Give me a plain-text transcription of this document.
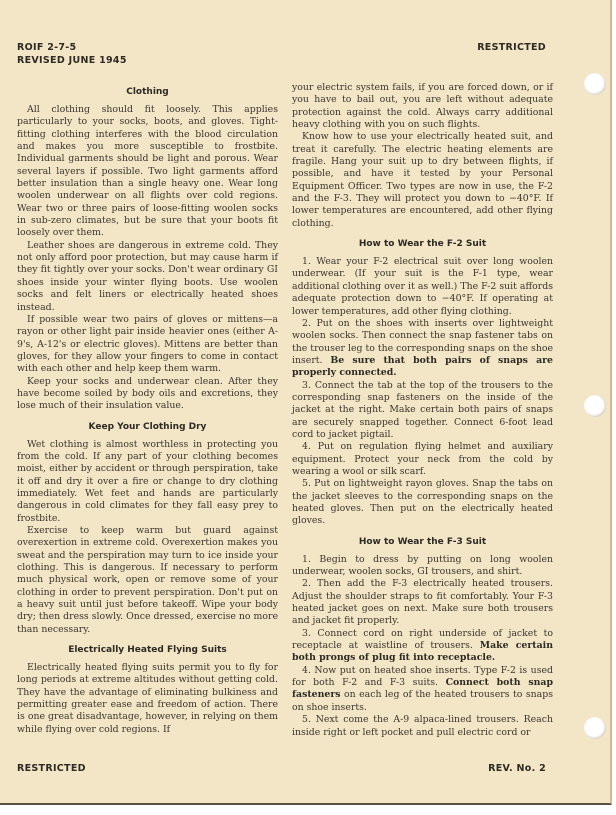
ROIF 2-7-5
REVISED JUNE 1945
RESTRICTED
Clothing

All clothing should fit loosely. This applies particularly to your socks, boots, and gloves. Tight-fitting clothing interferes with the blood circulation and makes you more susceptible to frostbite. Individual garments should be light and porous. Wear several layers if possible. Two light garments afford better insulation than a single heavy one. Wear long woolen underwear on all flights over cold regions. Wear two or three pairs of loose-fitting woolen socks in sub-zero climates, but be sure that your boots fit loosely over them.

Leather shoes are dangerous in extreme cold. They not only afford poor protection, but may cause harm if they fit tightly over your socks. Don't wear ordinary GI shoes inside your winter flying boots. Use woolen socks and felt liners or electrically heated shoes instead.

If possible wear two pairs of gloves or mittens—a rayon or other light pair inside heavier ones (either A-9's, A-12's or electric gloves). Mittens are better than gloves, for they allow your fingers to come in contact with each other and help keep them warm.

Keep your socks and underwear clean. After they have become soiled by body oils and excretions, they lose much of their insulation value.

Keep Your Clothing Dry

Wet clothing is almost worthless in protecting you from the cold. If any part of your clothing becomes moist, either by accident or through perspiration, take it off and dry it over a fire or change to dry clothing immediately. Wet feet and hands are particularly dangerous in cold climates for they fall easy prey to frostbite.

Exercise to keep warm but guard against overexertion in extreme cold. Overexertion makes you sweat and the perspiration may turn to ice inside your clothing. This is dangerous. If necessary to perform much physical work, open or remove some of your clothing in order to prevent perspiration. Don't put on a heavy suit until just before takeoff. Wipe your body dry; then dress slowly. Once dressed, exercise no more than necessary.

Electrically Heated Flying Suits

Electrically heated flying suits permit you to fly for long periods at extreme altitudes without getting cold. They have the advantage of eliminating bulkiness and permitting greater ease and freedom of action. There is one great disadvantage, however, in relying on them while flying over cold regions. If

your electric system fails, if you are forced down, or if you have to bail out, you are left without adequate protection against the cold. Always carry additional heavy clothing with you on such flights.

Know how to use your electrically heated suit, and treat it carefully. The electric heating elements are fragile. Hang your suit up to dry between flights, if possible, and have it tested by your Personal Equipment Officer. Two types are now in use, the F-2 and the F-3. They will protect you down to −40°F. If lower temperatures are encountered, add other flying clothing.

How to Wear the F-2 Suit

1. Wear your F-2 electrical suit over long woolen underwear. (If your suit is the F-1 type, wear additional clothing over it as well.) The F-2 suit affords adequate protection down to −40°F. If operating at lower temperatures, add other flying clothing.

2. Put on the shoes with inserts over lightweight woolen socks. Then connect the snap fastener tabs on the trouser leg to the corresponding snaps on the shoe insert. Be sure that both pairs of snaps are properly connected.

3. Connect the tab at the top of the trousers to the corresponding snap fasteners on the inside of the jacket at the right. Make certain both pairs of snaps are securely snapped together. Connect 6-foot lead cord to jacket pigtail.

4. Put on regulation flying helmet and auxiliary equipment. Protect your neck from the cold by wearing a wool or silk scarf.

5. Put on lightweight rayon gloves. Snap the tabs on the jacket sleeves to the corresponding snaps on the heated gloves. Then put on the electrically heated gloves.

How to Wear the F-3 Suit

1. Begin to dress by putting on long woolen underwear, woolen socks, GI trousers, and shirt.

2. Then add the F-3 electrically heated trousers. Adjust the shoulder straps to fit comfortably. Your F-3 heated jacket goes on next. Make sure both trousers and jacket fit properly.

3. Connect cord on right underside of jacket to receptacle at waistline of trousers. Make certain both prongs of plug fit into receptacle.

4. Now put on heated shoe inserts. Type F-2 is used for both F-2 and F-3 suits. Connect both snap fasteners on each leg of the heated trousers to snaps on shoe inserts.

5. Next come the A-9 alpaca-lined trousers. Reach inside right or left pocket and pull electric cord or

RESTRICTED	REV. No. 2
